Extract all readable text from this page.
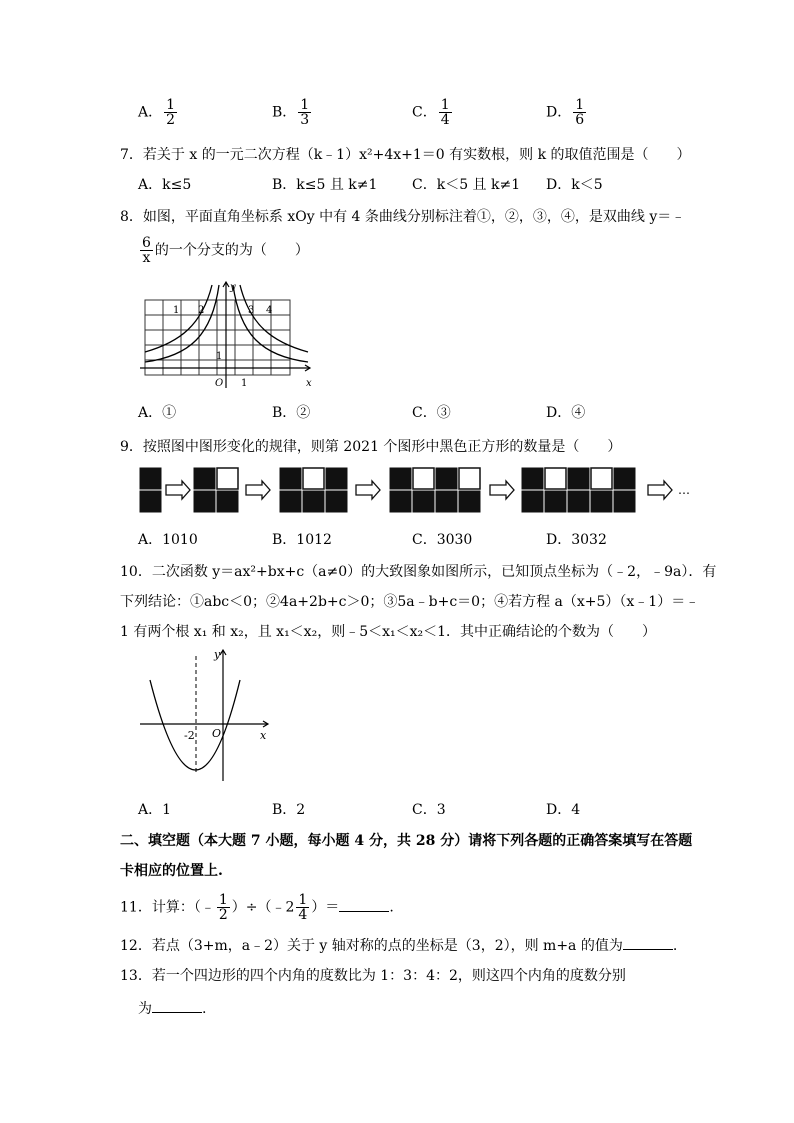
A． $\frac{1}{2}$	B． $\frac{1}{3}$	C． $\frac{1}{4}$	D． $\frac{1}{6}$
7．若关于 x 的一元二次方程（k﹣1）x²+4x+1＝0 有实数根，则 k 的取值范围是（　　）
A．k≤5	B．k≤5 且 k≠1 C．k＜5 且 k≠1 D．k＜5
8．如图，平面直角坐标系 xOy 中有 4 条曲线分别标注着①，②，③，④，是双曲线 y＝﹣
$\frac{6}{x}$ 的一个分支的为（　　）
1 2	3 4
O 1
1
x
y
A．①	B．②	C．③	D．④
9．按照图中图形变化的规律，则第 2021 个图形中黑色正方形的数量是（　　）
…
A．1010	B．1012	C．3030	D．3032
10．二次函数 y＝ax²+bx+c（a≠0）的大致图象如图所示，已知顶点坐标为（﹣2，﹣9a）．有
下列结论：①abc＜0；②4a+2b+c＞0；③5a﹣b+c＝0；④若方程 a（x+5）（x﹣1）＝﹣
1 有两个根 x₁ 和 x₂，且 x₁＜x₂，则﹣5＜x₁＜x₂＜1．其中正确结论的个数为（　　）
-2 O	x
y
A．1	B．2	C．3	D．4
二、填空题（本大题 7 小题，每小题 4 分，共 28 分）请将下列各题的正确答案填写在答题
卡相应的位置上.
11．计算：（﹣ $\frac{1}{2}$ ）÷（﹣2 $\frac{1}{4}$ ）＝	.
12．若点（3+m，a﹣2）关于 y 轴对称的点的坐标是（3，2），则 m+a 的值为	.
13．若一个四边形的四个内角的度数比为 1：3：4：2，则这四个内角的度数分别
为	.
